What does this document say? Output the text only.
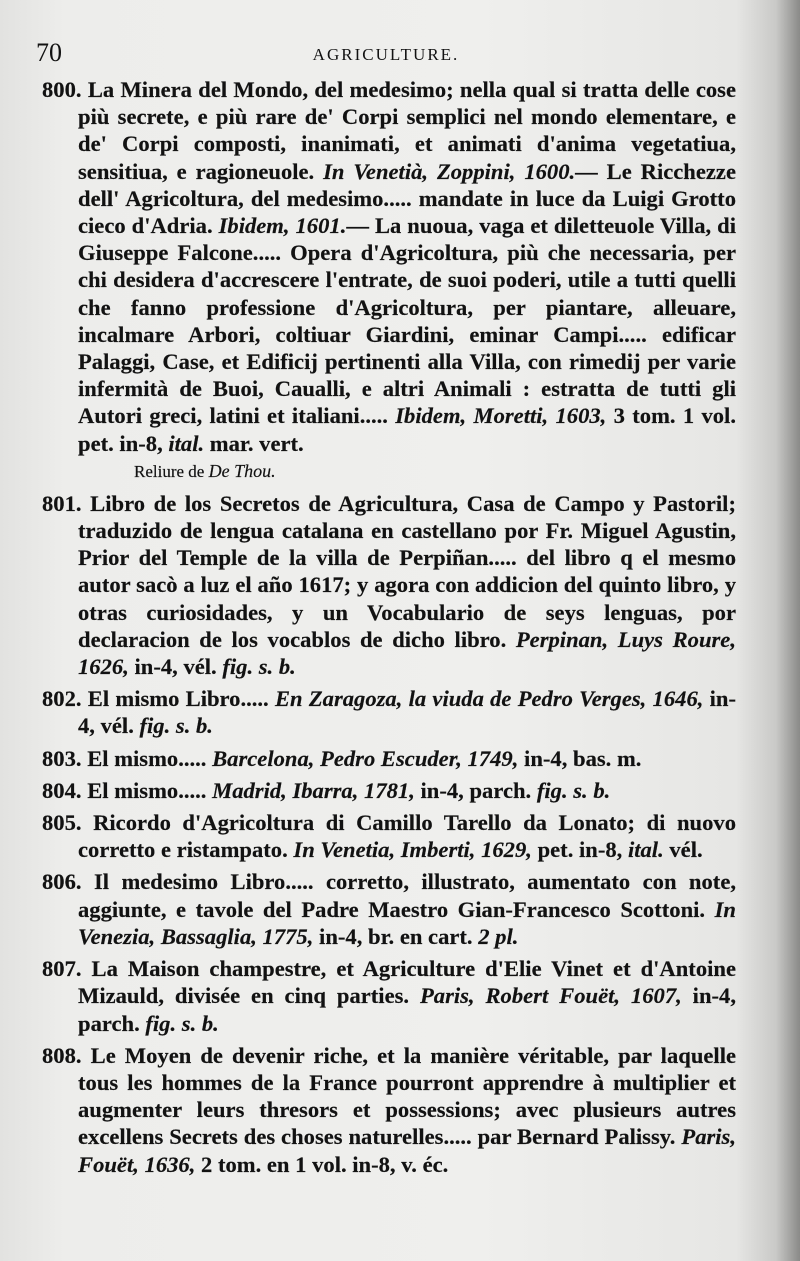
70	AGRICULTURE.

800. La Minera del Mondo, del medesimo; nella qual si tratta delle cose più secrete, e più rare de' Corpi semplici nel mondo elementare, e de' Corpi composti, inanimati, et animati d'anima vegetatiua, sensitiua, e ragioneuole. In Venetià, Zoppini, 1600.— Le Ricchezze dell' Agricoltura, del medesimo..... mandate in luce da Luigi Grotto cieco d'Adria. Ibidem, 1601.— La nuoua, vaga et diletteuole Villa, di Giuseppe Falcone..... Opera d'Agricoltura, più che necessaria, per chi desidera d'accrescere l'entrate, de suoi poderi, utile a tutti quelli che fanno professione d'Agricoltura, per piantare, alleuare, incalmare Arbori, coltiuar Giardini, eminar Campi..... edificar Palaggi, Case, et Edificij pertinenti alla Villa, con rimedij per varie infermità de Buoi, Caualli, e altri Animali : estratta de tutti gli Autori greci, latini et italiani..... Ibidem, Moretti, 1603, 3 tom. 1 vol. pet. in-8, ital. mar. vert.
Reliure de De Thou.

801. Libro de los Secretos de Agricultura, Casa de Campo y Pastoril; traduzido de lengua catalana en castellano por Fr. Miguel Agustin, Prior del Temple de la villa de Perpiñan..... del libro q el mesmo autor sacò a luz el año 1617; y agora con addicion del quinto libro, y otras curiosidades, y un Vocabulario de seys lenguas, por declaracion de los vocablos de dicho libro. Perpinan, Luys Roure, 1626, in-4, vél. fig. s. b.

802. El mismo Libro..... En Zaragoza, la viuda de Pedro Verges, 1646, in-4, vél. fig. s. b.

803. El mismo..... Barcelona, Pedro Escuder, 1749, in-4, bas. m.

804. El mismo..... Madrid, Ibarra, 1781, in-4, parch. fig. s. b.

805. Ricordo d'Agricoltura di Camillo Tarello da Lonato; di nuovo corretto e ristampato. In Venetia, Imberti, 1629, pet. in-8, ital. vél.

806. Il medesimo Libro..... corretto, illustrato, aumentato con note, aggiunte, e tavole del Padre Maestro Gian-Francesco Scottoni. In Venezia, Bassaglia, 1775, in-4, br. en cart. 2 pl.

807. La Maison champestre, et Agriculture d'Elie Vinet et d'Antoine Mizauld, divisée en cinq parties. Paris, Robert Fouët, 1607, in-4, parch. fig. s. b.

808. Le Moyen de devenir riche, et la manière véritable, par laquelle tous les hommes de la France pourront apprendre à multiplier et augmenter leurs thresors et possessions; avec plusieurs autres excellens Secrets des choses naturelles..... par Bernard Palissy. Paris, Fouët, 1636, 2 tom. en 1 vol. in-8, v. éc.
